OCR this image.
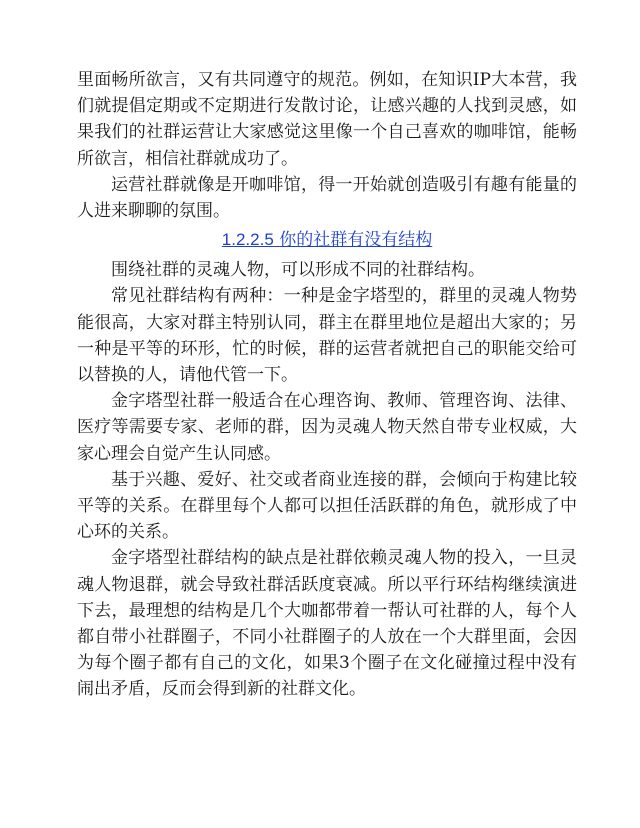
里面畅所欲言，又有共同遵守的规范。例如，在知识IP大本营，我们就提倡定期或不定期进行发散讨论，让感兴趣的人找到灵感，如果我们的社群运营让大家感觉这里像一个自己喜欢的咖啡馆，能畅所欲言，相信社群就成功了。

运营社群就像是开咖啡馆，得一开始就创造吸引有趣有能量的人进来聊聊的氛围。

1.2.2.5 你的社群有没有结构

围绕社群的灵魂人物，可以形成不同的社群结构。

常见社群结构有两种：一种是金字塔型的，群里的灵魂人物势能很高，大家对群主特别认同，群主在群里地位是超出大家的；另一种是平等的环形，忙的时候，群的运营者就把自己的职能交给可以替换的人，请他代管一下。

金字塔型社群一般适合在心理咨询、教师、管理咨询、法律、医疗等需要专家、老师的群，因为灵魂人物天然自带专业权威，大家心理会自觉产生认同感。

基于兴趣、爱好、社交或者商业连接的群，会倾向于构建比较平等的关系。在群里每个人都可以担任活跃群的角色，就形成了中心环的关系。

金字塔型社群结构的缺点是社群依赖灵魂人物的投入，一旦灵魂人物退群，就会导致社群活跃度衰减。所以平行环结构继续演进下去，最理想的结构是几个大咖都带着一帮认可社群的人，每个人都自带小社群圈子，不同小社群圈子的人放在一个大群里面，会因为每个圈子都有自己的文化，如果3个圈子在文化碰撞过程中没有闹出矛盾，反而会得到新的社群文化。
